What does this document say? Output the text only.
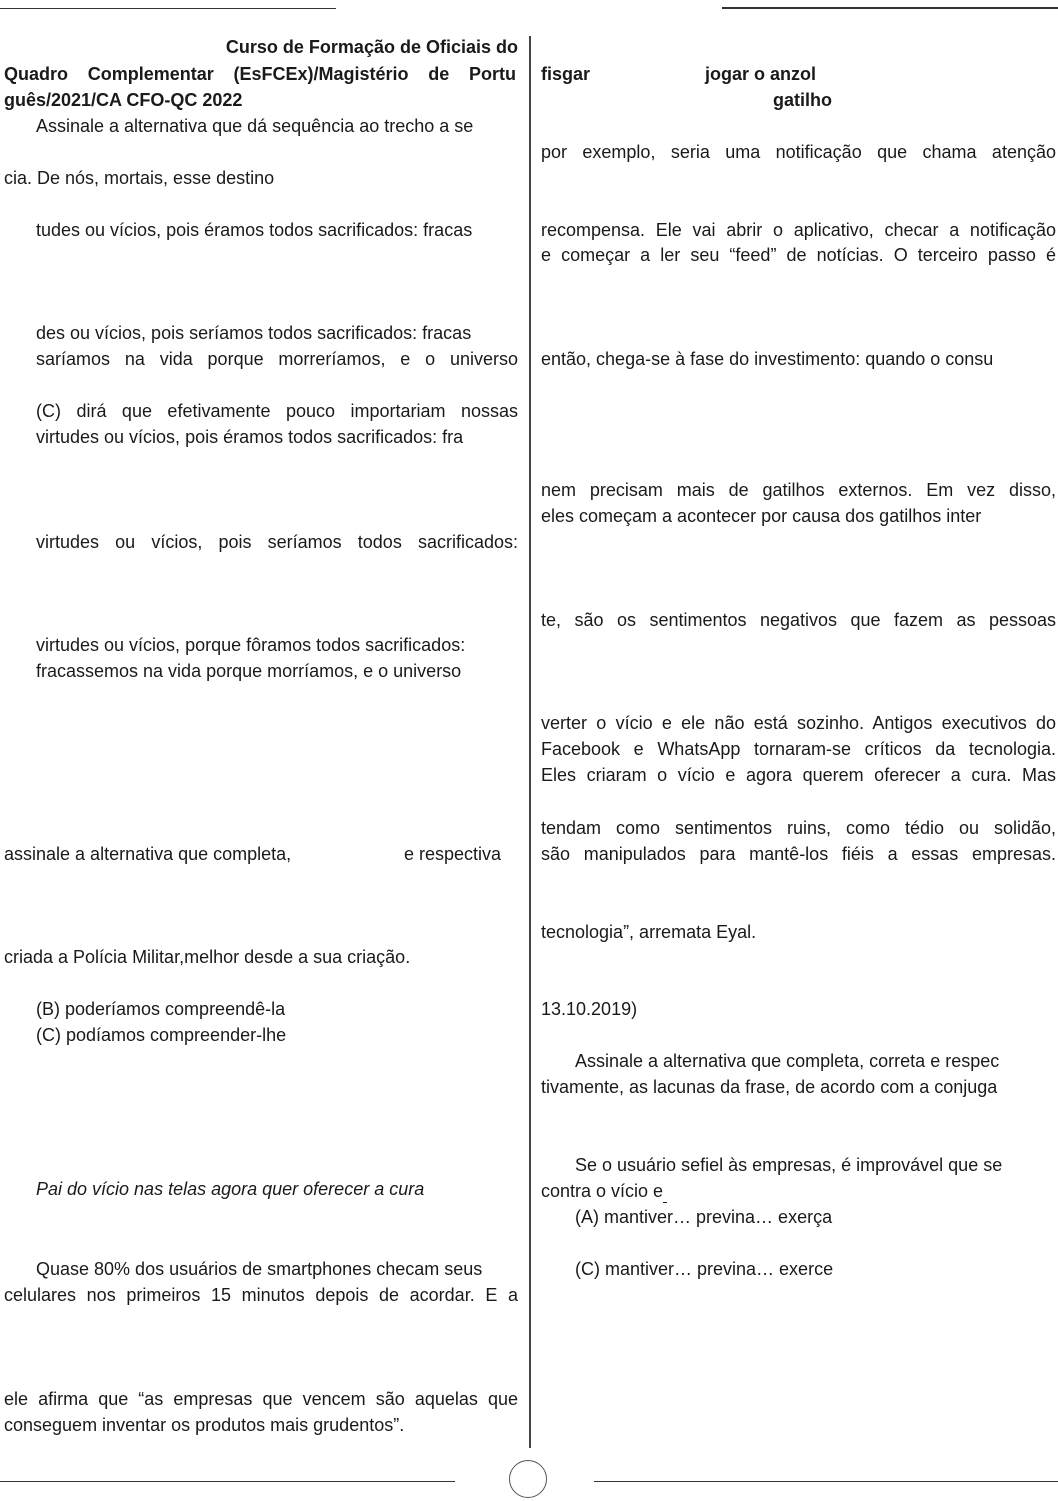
Curso de Formação de Oficiais do
Quadro Complementar (EsFCEx)/Magistério de Portu
guês/2021/CA CFO-QC 2022
Assinale a alternativa que dá sequência ao trecho a se
cia. De nós, mortais, esse destino
tudes ou vícios, pois éramos todos sacrificados: fracas
des ou vícios, pois seríamos todos sacrificados: fracas
saríamos na vida porque morreríamos, e o universo
(C) dirá que efetivamente pouco importariam nossas
virtudes ou vícios, pois éramos todos sacrificados: fra
virtudes ou vícios, pois seríamos todos sacrificados:
virtudes ou vícios, porque fôramos todos sacrificados:
fracassemos na vida porque morríamos, e o universo
assinale a alternativa que completa,	e respectiva
criada a Polícia Militar,melhor desde a sua criação.
(B) poderíamos compreendê-la
(C) podíamos compreender-lhe
Pai do vício nas telas agora quer oferecer a cura
Quase 80% dos usuários de smartphones checam seus
celulares nos primeiros 15 minutos depois de acordar. E a
ele afirma que “as empresas que vencem são aquelas que
conseguem inventar os produtos mais grudentos”.
fisgar	jogar o anzol
gatilho
por exemplo, seria uma notificação que chama atenção
recompensa. Ele vai abrir o aplicativo, checar a notificação
e começar a ler seu “feed” de notícias. O terceiro passo é
então, chega-se à fase do investimento: quando o consu
nem precisam mais de gatilhos externos. Em vez disso,
eles começam a acontecer por causa dos gatilhos inter
te, são os sentimentos negativos que fazem as pessoas
verter o vício e ele não está sozinho. Antigos executivos do
Facebook e WhatsApp tornaram-se críticos da tecnologia.
Eles criaram o vício e agora querem oferecer a cura. Mas
tendam como sentimentos ruins, como tédio ou solidão,
são manipulados para mantê-los fiéis a essas empresas.
tecnologia”, arremata Eyal.
13.10.2019)
Assinale a alternativa que completa, correta e respec
tivamente, as lacunas da frase, de acordo com a conjuga
Se o usuário sefiel às empresas, é improvável que se
contra o vício e
(A) mantiver… previna… exerça
(C) mantiver… previna… exerce
